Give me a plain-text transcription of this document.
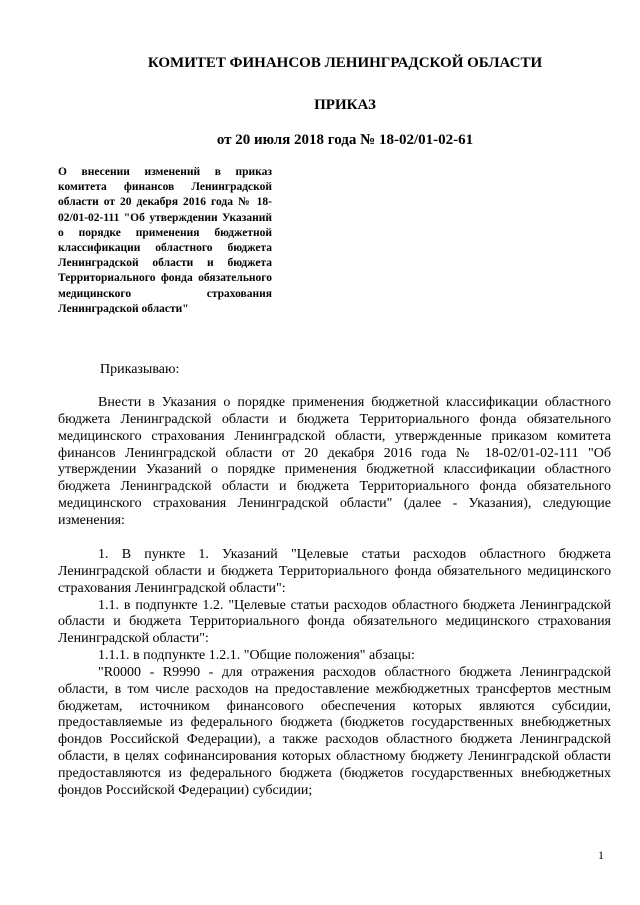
КОМИТЕТ ФИНАНСОВ ЛЕНИНГРАДСКОЙ ОБЛАСТИ
ПРИКАЗ
от 20 июля 2018 года № 18-02/01-02-61
О внесении изменений в приказ комитета финансов Ленинградской области от 20 декабря 2016 года № 18-02/01-02-111 "Об утверждении Указаний о порядке применения бюджетной классификации областного бюджета Ленинградской области и бюджета Территориального фонда обязательного медицинского страхования Ленинградской области"
Приказываю:

Внести в Указания о порядке применения бюджетной классификации областного бюджета Ленинградской области и бюджета Территориального фонда обязательного медицинского страхования Ленинградской области, утвержденные приказом комитета финансов Ленинградской области от 20 декабря 2016 года № 18-02/01-02-111 "Об утверждении Указаний о порядке применения бюджетной классификации областного бюджета Ленинградской области и бюджета Территориального фонда обязательного медицинского страхования Ленинградской области" (далее - Указания), следующие изменения:

1. В пункте 1. Указаний "Целевые статьи расходов областного бюджета Ленинградской области и бюджета Территориального фонда обязательного медицинского страхования Ленинградской области":

1.1. в подпункте 1.2. "Целевые статьи расходов областного бюджета Ленинградской области и бюджета Территориального фонда обязательного медицинского страхования Ленинградской области":

1.1.1. в подпункте 1.2.1. "Общие положения" абзацы:

"R0000 - R9990 - для отражения расходов областного бюджета Ленинградской области, в том числе расходов на предоставление межбюджетных трансфертов местным бюджетам, источником финансового обеспечения которых являются субсидии, предоставляемые из федерального бюджета (бюджетов государственных внебюджетных фондов Российской Федерации), а также расходов областного бюджета Ленинградской области, в целях софинансирования которых областному бюджету Ленинградской области предоставляются из федерального бюджета (бюджетов государственных внебюджетных фондов Российской Федерации) субсидии;

1
